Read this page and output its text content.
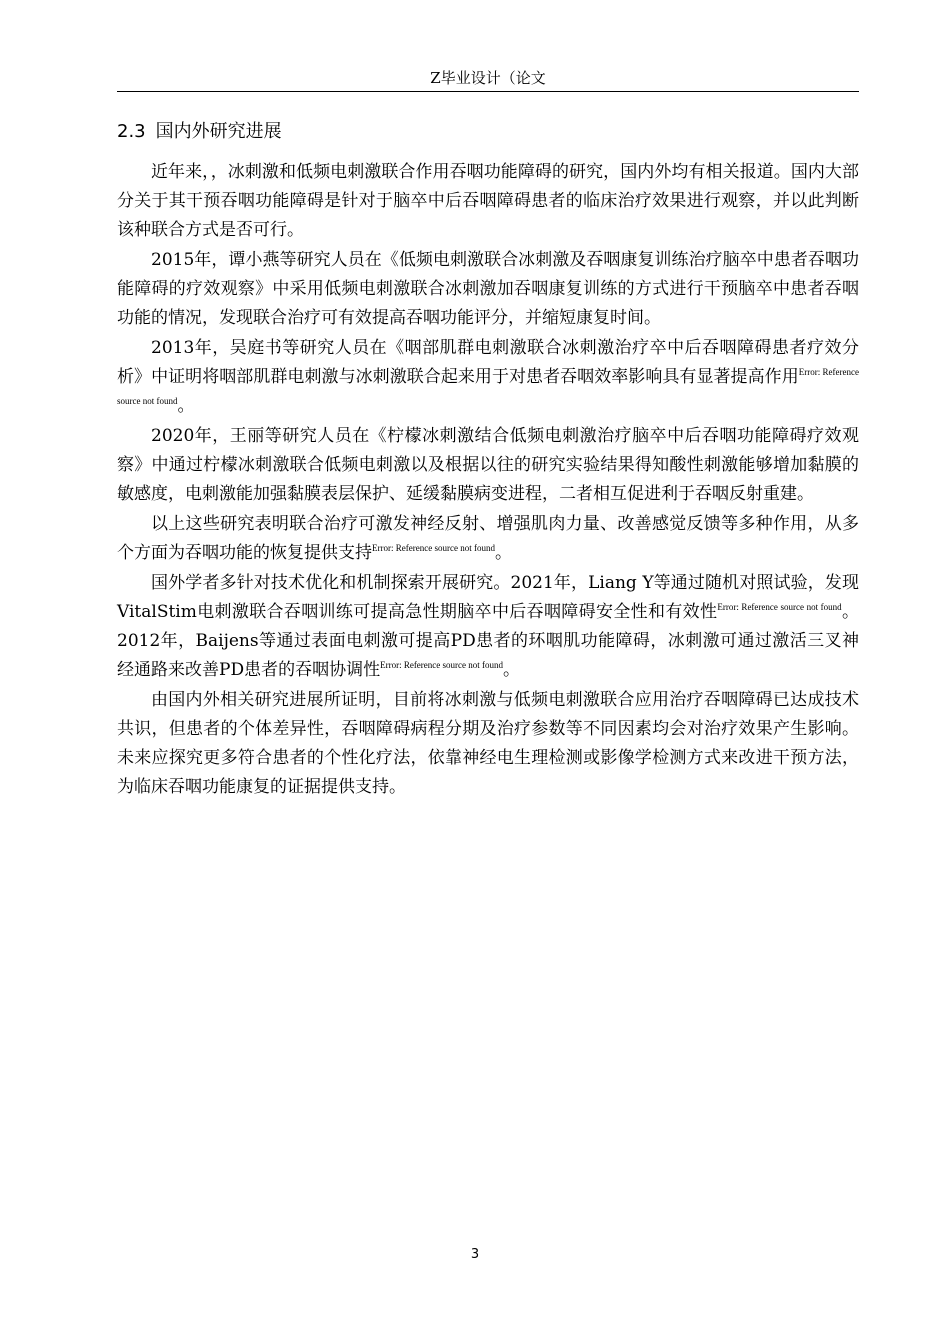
Z毕业设计（论文
2.3 国内外研究进展

近年来，，冰刺激和低频电刺激联合作用吞咽功能障碍的研究，国内外均有相关报道。国内大部分关于其干预吞咽功能障碍是针对于脑卒中后吞咽障碍患者的临床治疗效果进行观察，并以此判断该种联合方式是否可行。

2015年，谭小燕等研究人员在《低频电刺激联合冰刺激及吞咽康复训练治疗脑卒中患者吞咽功能障碍的疗效观察》中采用低频电刺激联合冰刺激加吞咽康复训练的方式进行干预脑卒中患者吞咽功能的情况，发现联合治疗可有效提高吞咽功能评分，并缩短康复时间。

2013年，吴庭书等研究人员在《咽部肌群电刺激联合冰刺激治疗卒中后吞咽障碍患者疗效分析》中证明将咽部肌群电刺激与冰刺激联合起来用于对患者吞咽效率影响具有显著提高作用$^{Error: Reference source not found}$。

2020年，王丽等研究人员在《柠檬冰刺激结合低频电刺激治疗脑卒中后吞咽功能障碍疗效观察》中通过柠檬冰刺激联合低频电刺激以及根据以往的研究实验结果得知酸性刺激能够增加黏膜的敏感度，电刺激能加强黏膜表层保护、延缓黏膜病变进程，二者相互促进利于吞咽反射重建。

以上这些研究表明联合治疗可激发神经反射、增强肌肉力量、改善感觉反馈等多种作用，从多个方面为吞咽功能的恢复提供支持$^{Error: Reference source not found}$。

国外学者多针对技术优化和机制探索开展研究。2021年，Liang Y等通过随机对照试验，发现VitalStim电刺激联合吞咽训练可提高急性期脑卒中后吞咽障碍安全性和有效性$^{Error: Reference source not found}$。2012年，Baijens等通过表面电刺激可提高PD患者的环咽肌功能障碍，冰刺激可通过激活三叉神经通路来改善PD患者的吞咽协调性$^{Error: Reference source not found}$。

由国内外相关研究进展所证明，目前将冰刺激与低频电刺激联合应用治疗吞咽障碍已达成技术共识，但患者的个体差异性，吞咽障碍病程分期及治疗参数等不同因素均会对治疗效果产生影响。未来应探究更多符合患者的个性化疗法，依靠神经电生理检测或影像学检测方式来改进干预方法，为临床吞咽功能康复的证据提供支持。

3
